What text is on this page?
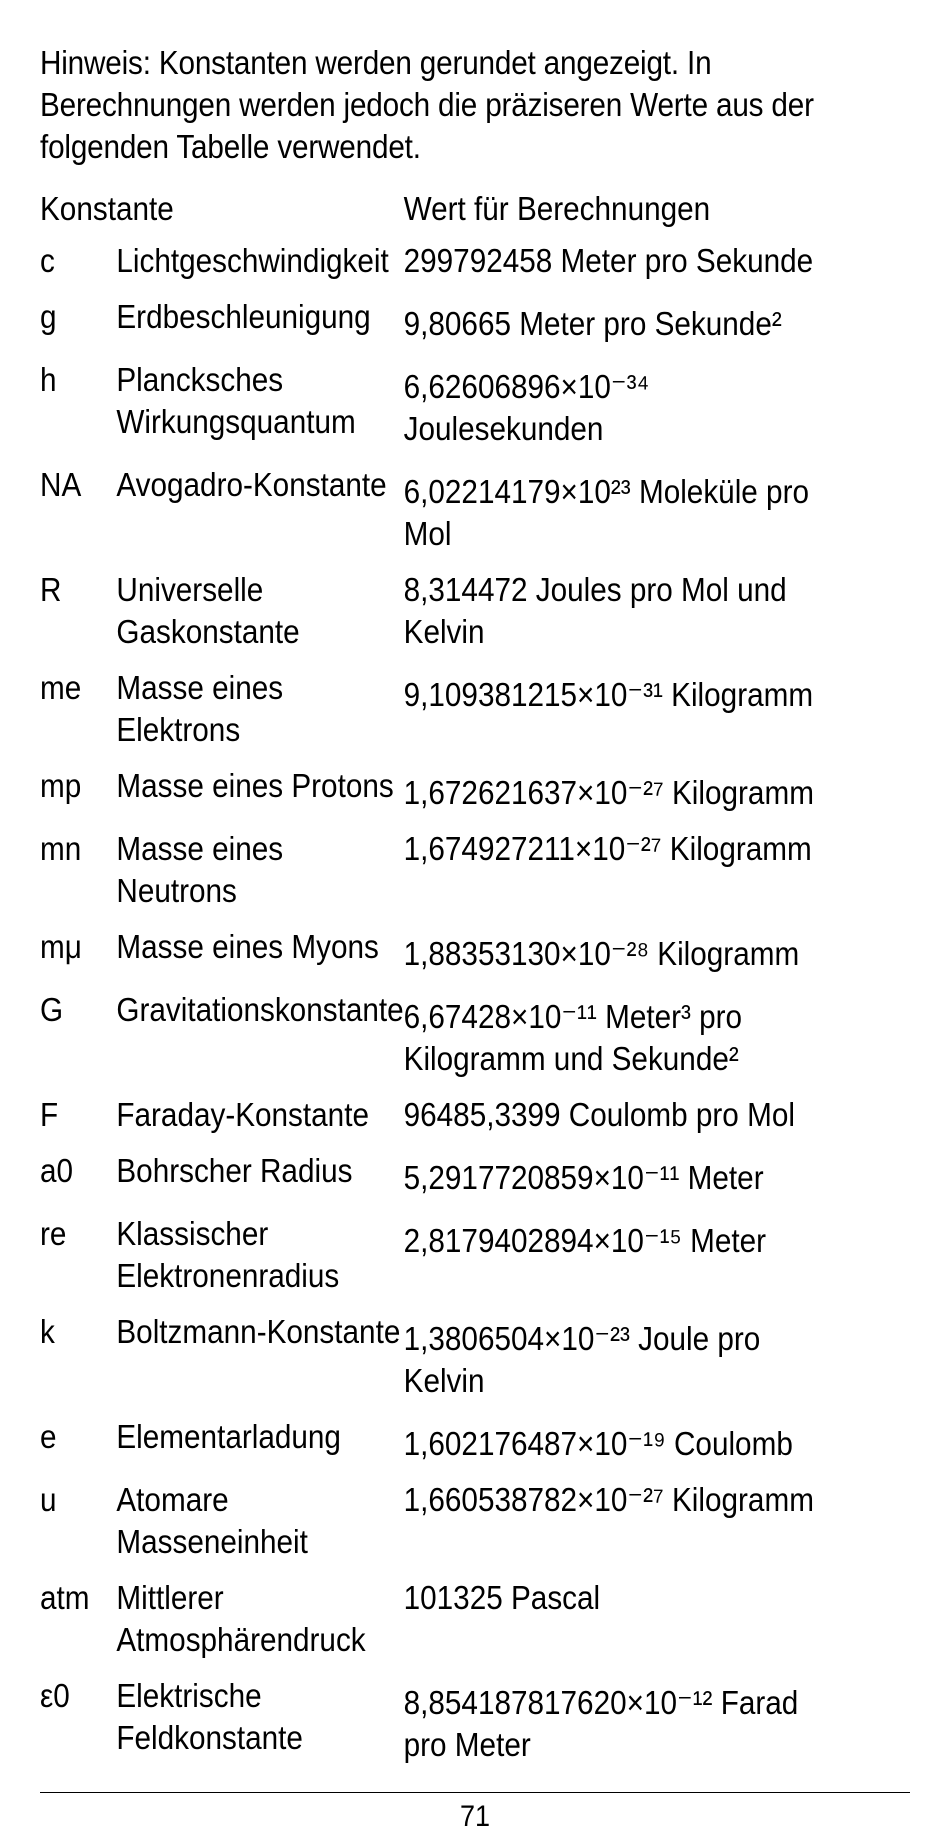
Hinweis: Konstanten werden gerundet angezeigt. In Berechnungen werden jedoch die präziseren Werte aus der folgenden Tabelle verwendet.

Konstante		Wert für Berechnungen
c	Lichtgeschwindigkeit	299792458 Meter pro Sekunde
g	Erdbeschleunigung	9,80665 Meter pro Sekunde²
h	Plancksches Wirkungsquantum	6,62606896×10⁻³⁴ Joulesekunden
NA	Avogadro-Konstante	6,02214179×10²³ Moleküle pro Mol
R	Universelle Gaskonstante	8,314472 Joules pro Mol und Kelvin
me	Masse eines Elektrons	9,109381215×10⁻³¹ Kilogramm
mp	Masse eines Protons	1,672621637×10⁻²⁷ Kilogramm
mn	Masse eines Neutrons	1,674927211×10⁻²⁷ Kilogramm
mμ	Masse eines Myons	1,88353130×10⁻²⁸ Kilogramm
G	Gravitationskonstante	6,67428×10⁻¹¹ Meter³ pro Kilogramm und Sekunde²
F	Faraday-Konstante	96485,3399 Coulomb pro Mol
a0	Bohrscher Radius	5,2917720859×10⁻¹¹ Meter
re	Klassischer Elektronenradius	2,8179402894×10⁻¹⁵ Meter
k	Boltzmann-Konstante	1,3806504×10⁻²³ Joule pro Kelvin
e	Elementarladung	1,602176487×10⁻¹⁹ Coulomb
u	Atomare Masseneinheit	1,660538782×10⁻²⁷ Kilogramm
atm	Mittlerer Atmosphärendruck	101325 Pascal
ε0	Elektrische Feldkonstante	8,854187817620×10⁻¹² Farad pro Meter
71
